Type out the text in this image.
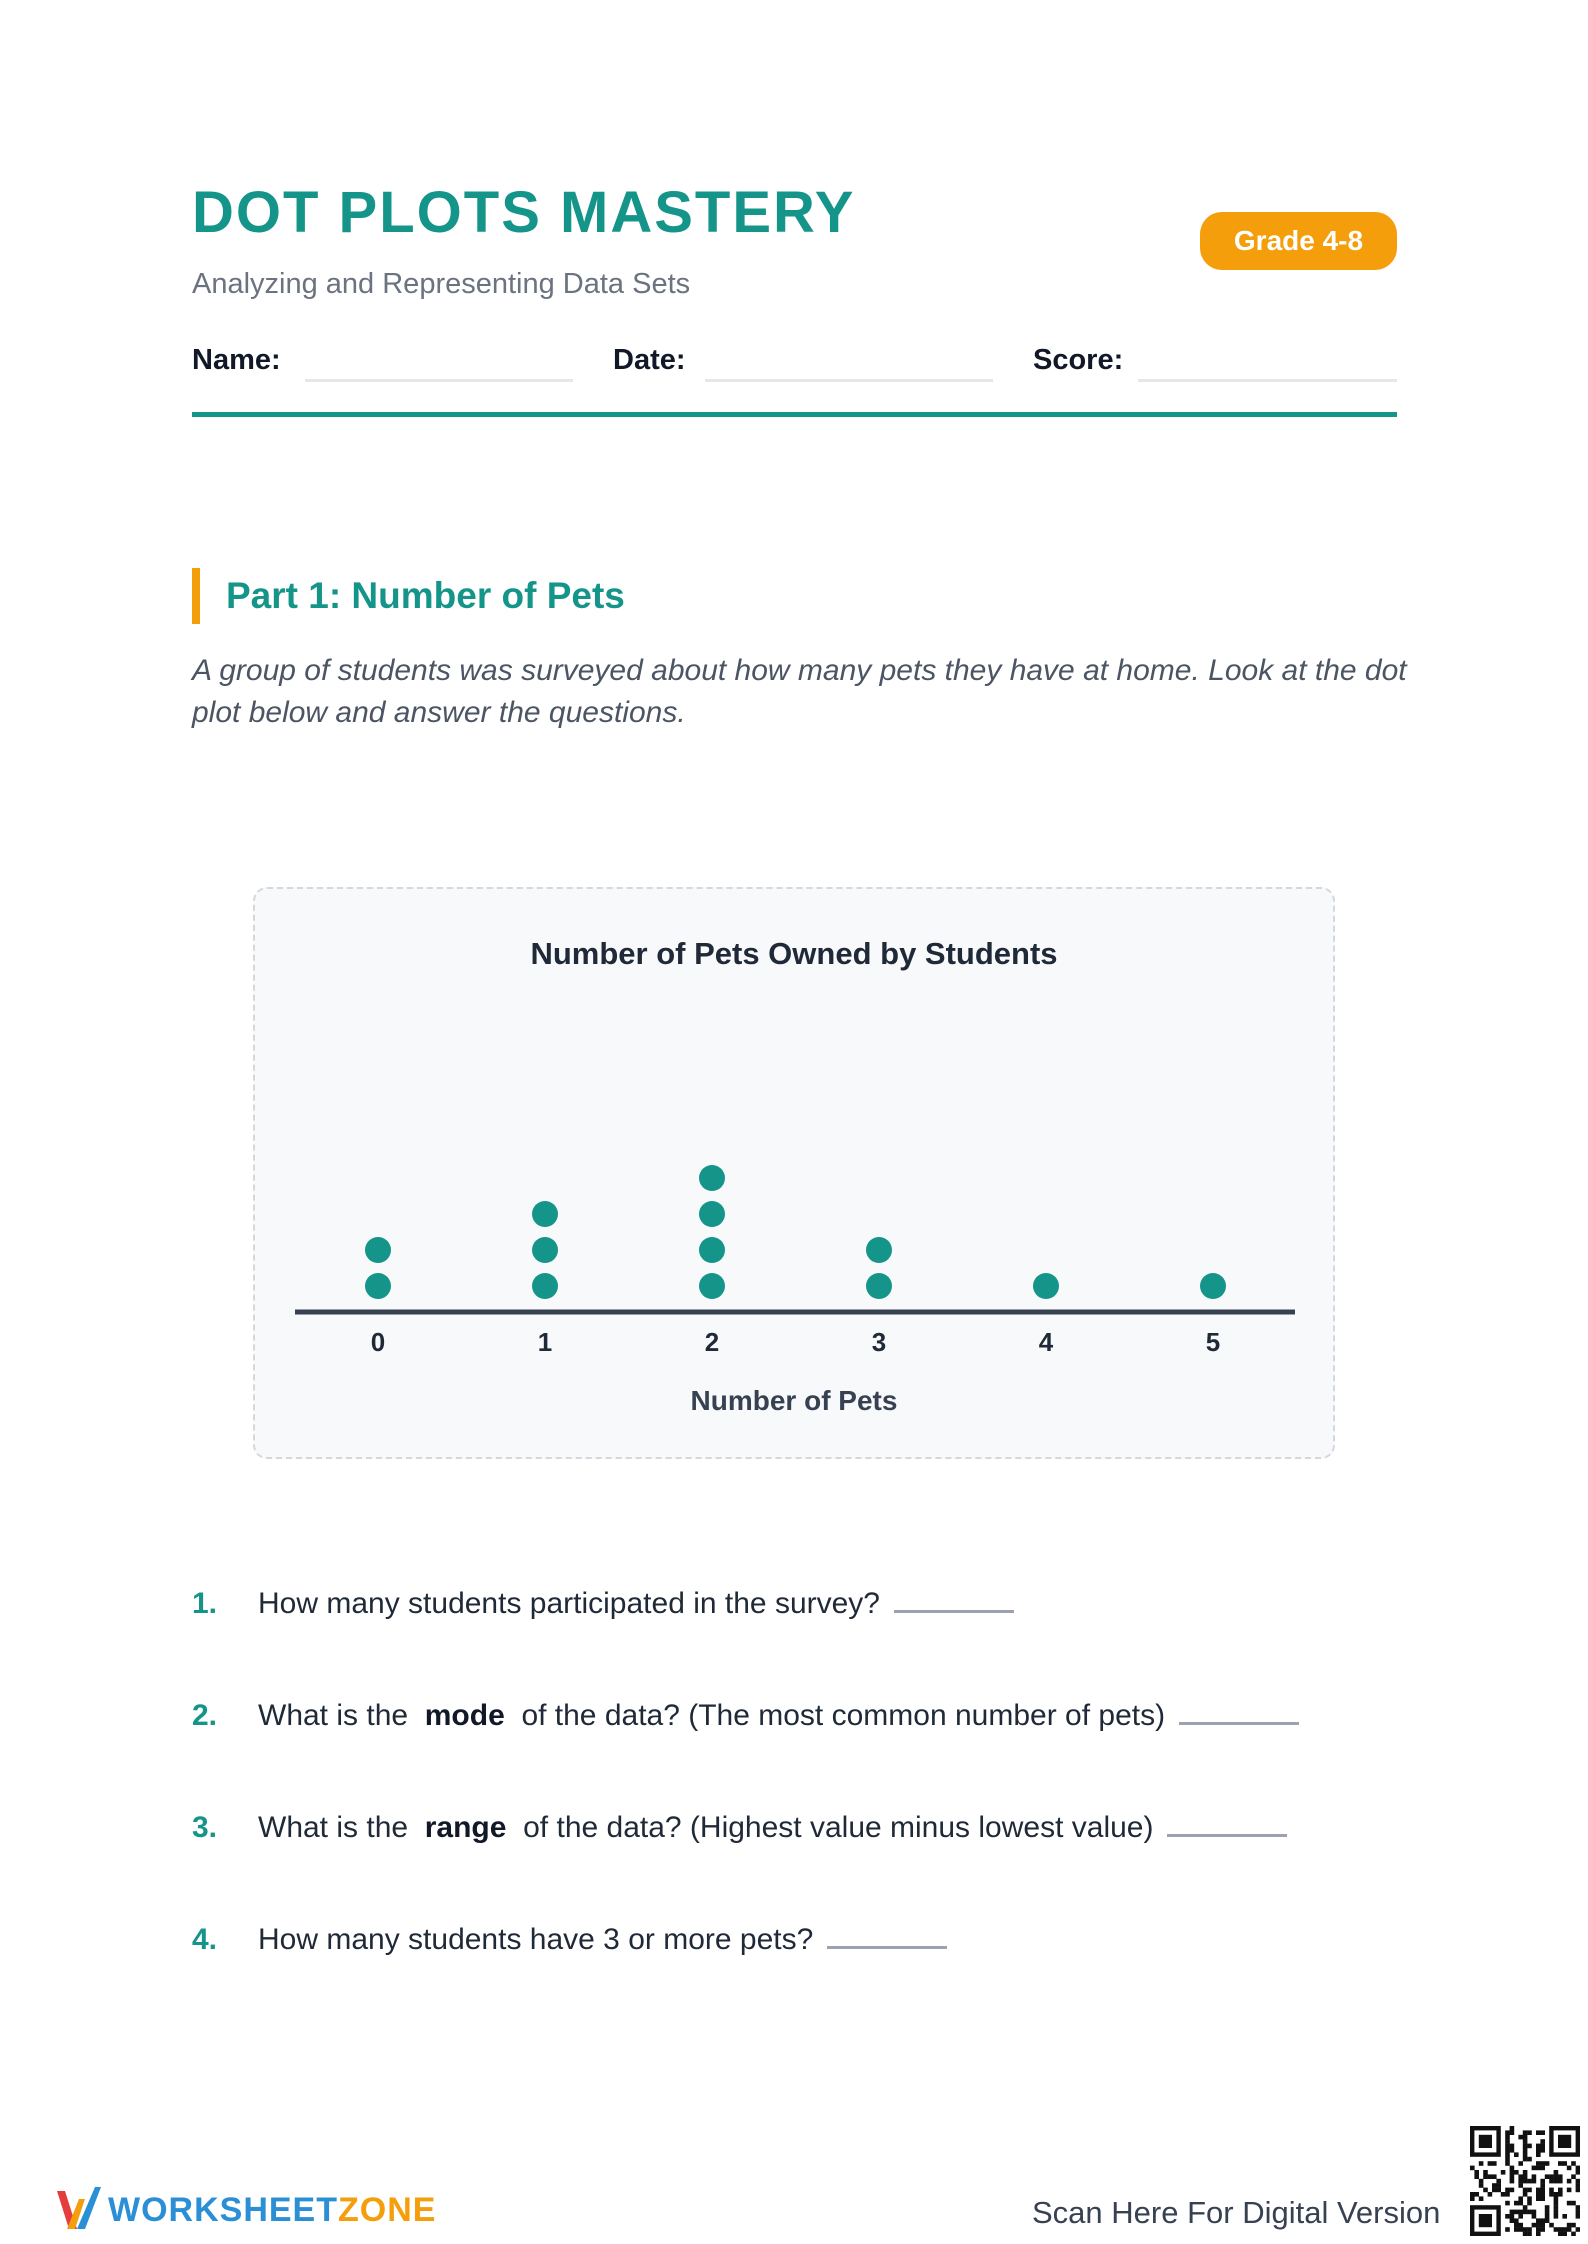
DOT PLOTS MASTERY
Analyzing and Representing Data Sets
Grade 4-8
Name:	Date:	Score:
Part 1: Number of Pets
A group of students was surveyed about how many pets they have at home. Look at the dot plot below and answer the questions.
Number of Pets Owned by Students
0	1	2	3	4	5
Number of Pets
1. How many students participated in the survey?
2. What is the mode of the data? (The most common number of pets)
3. What is the range of the data? (Highest value minus lowest value)
4. How many students have 3 or more pets?
WORKSHEETZONE	Scan Here For Digital Version
